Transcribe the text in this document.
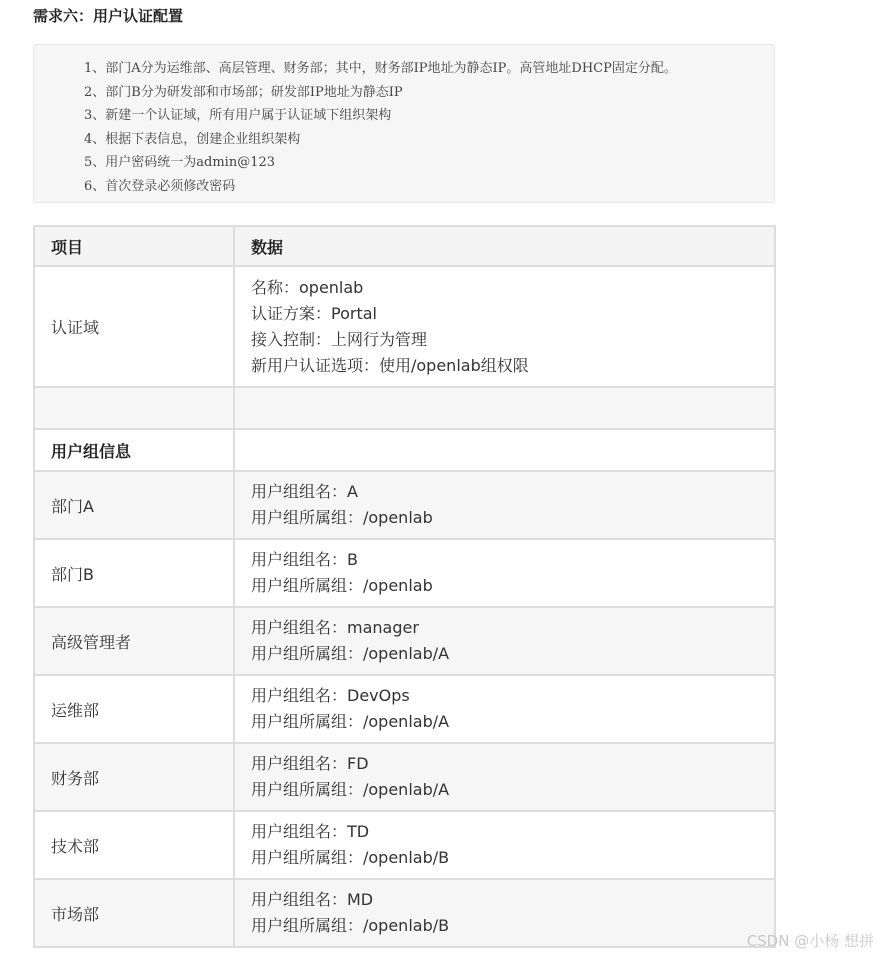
需求六：用户认证配置
1、部门A分为运维部、高层管理、财务部；其中，财务部IP地址为静态IP。高管地址DHCP固定分配。
2、部门B分为研发部和市场部；研发部IP地址为静态IP
3、新建一个认证域，所有用户属于认证域下组织架构
4、根据下表信息，创建企业组织架构
5、用户密码统一为admin@123
6、首次登录必须修改密码
项目	数据
认证域	名称：openlab
认证方案：Portal
接入控制：上网行为管理
新用户认证选项：使用/openlab组权限

用户组信息	
部门A	用户组组名：A
用户组所属组：/openlab

部门B	用户组组名：B
用户组所属组：/openlab

高级管理者	用户组组名：manager
用户组所属组：/openlab/A

运维部	用户组组名：DevOps
用户组所属组：/openlab/A

财务部	用户组组名：FD
用户组所属组：/openlab/A

技术部	用户组组名：TD
用户组所属组：/openlab/B

市场部	用户组组名：MD
用户组所属组：/openlab/B
CSDN @小杨 想拼
